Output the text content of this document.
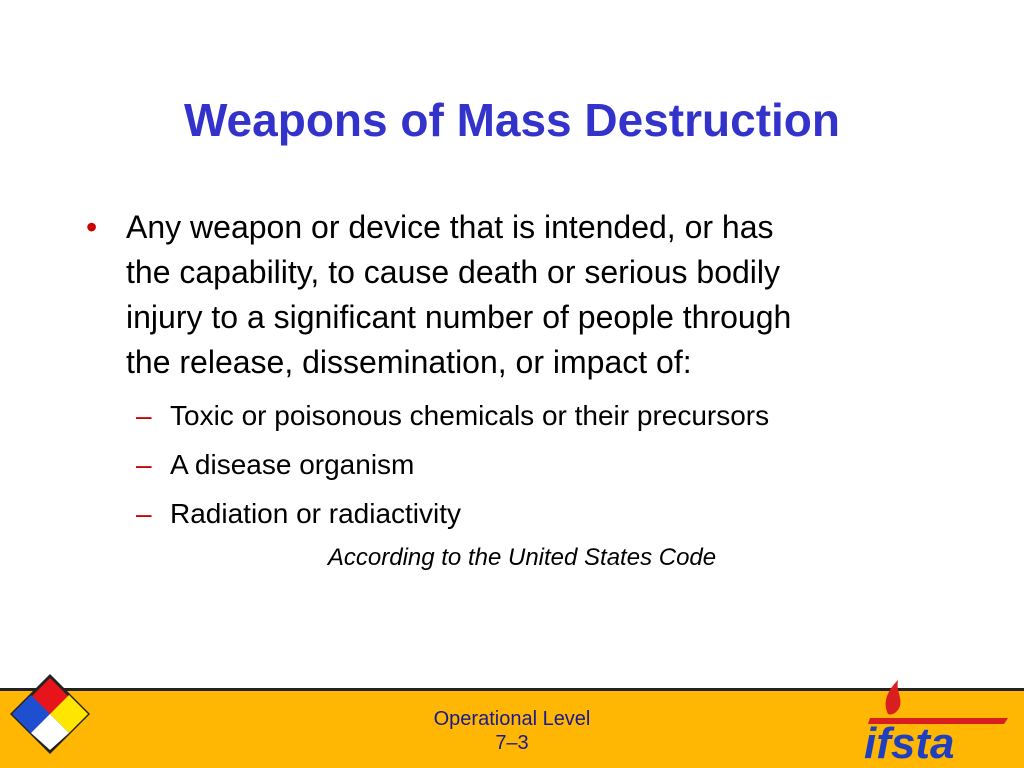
Weapons of Mass Destruction
• Any weapon or device that is intended, or has
the capability, to cause death or serious bodily
injury to a significant number of people through
the release, dissemination, or impact of:
– Toxic or poisonous chemicals or their precursors
– A disease organism
– Radiation or radiactivity
According to the United States Code
Operational Level
7–3	ifsta
